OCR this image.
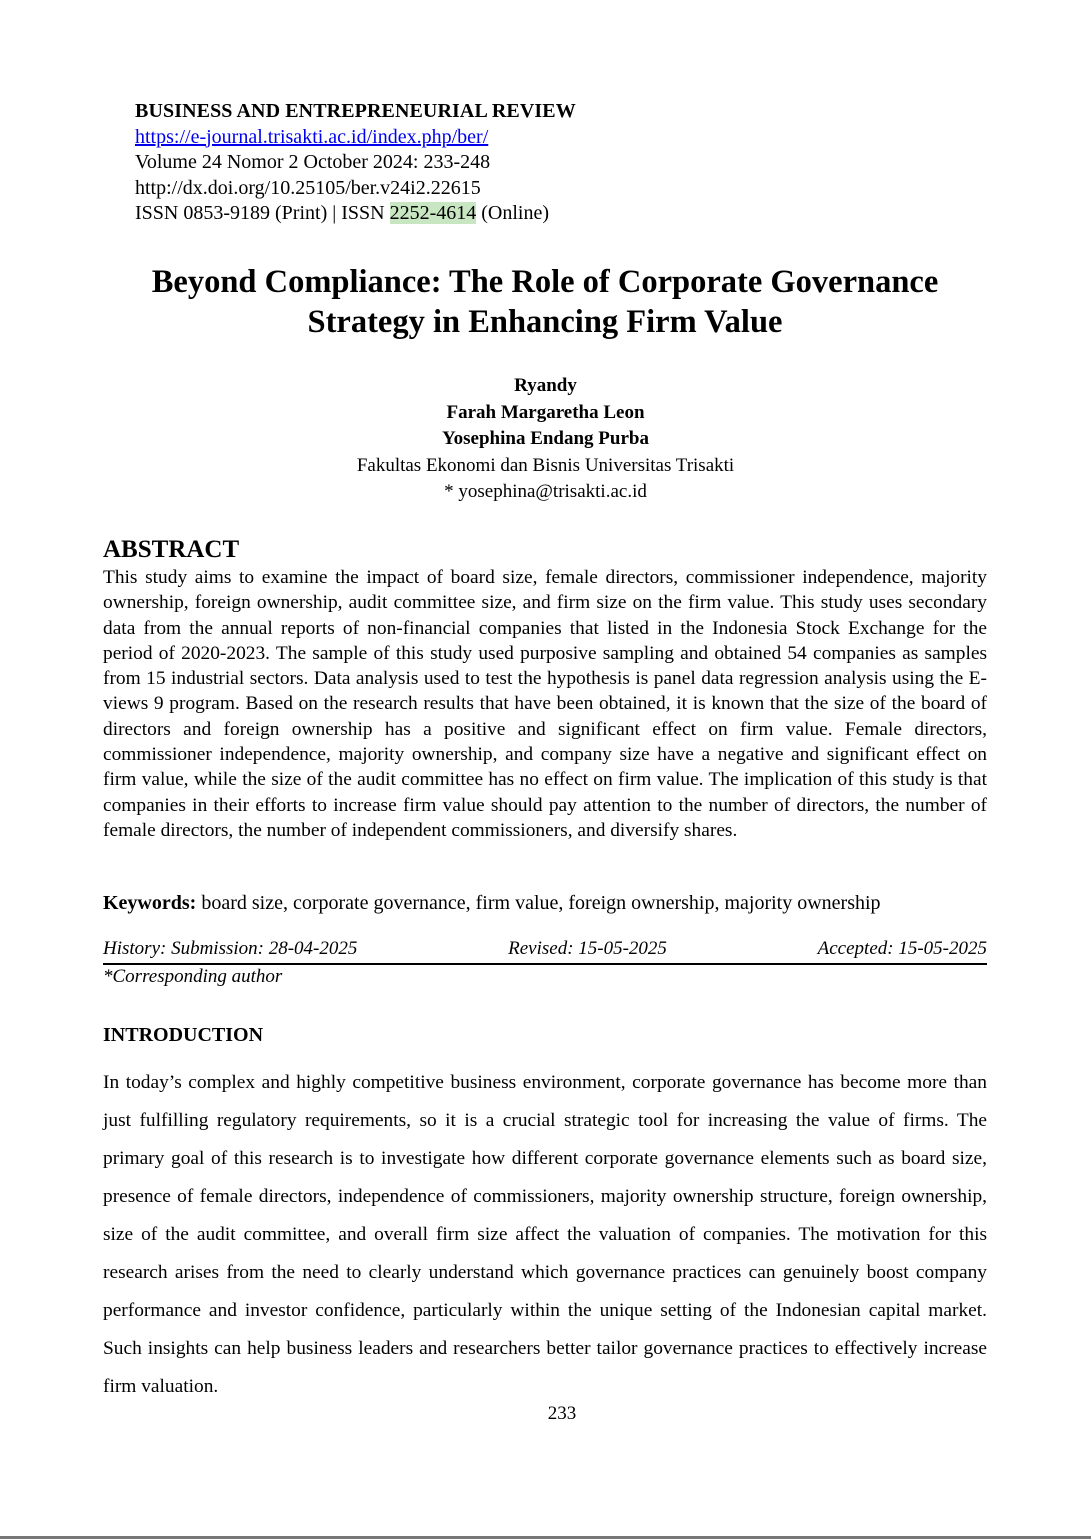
BUSINESS AND ENTREPRENEURIAL REVIEW
https://e-journal.trisakti.ac.id/index.php/ber/
Volume 24 Nomor 2 October 2024: 233-248
http://dx.doi.org/10.25105/ber.v24i2.22615
ISSN 0853-9189 (Print) | ISSN 2252-4614 (Online)
Beyond Compliance: The Role of Corporate Governance
Strategy in Enhancing Firm Value
Ryandy
Farah Margaretha Leon
Yosephina Endang Purba
Fakultas Ekonomi dan Bisnis Universitas Trisakti
* yosephina@trisakti.ac.id
ABSTRACT
This study aims to examine the impact of board size, female directors, commissioner independence, majority ownership, foreign ownership, audit committee size, and firm size on the firm value. This study uses secondary data from the annual reports of non-financial companies that listed in the Indonesia Stock Exchange for the period of 2020-2023. The sample of this study used purposive sampling and obtained 54 companies as samples from 15 industrial sectors. Data analysis used to test the hypothesis is panel data regression analysis using the E-views 9 program. Based on the research results that have been obtained, it is known that the size of the board of directors and foreign ownership has a positive and significant effect on firm value. Female directors, commissioner independence, majority ownership, and company size have a negative and significant effect on firm value, while the size of the audit committee has no effect on firm value. The implication of this study is that companies in their efforts to increase firm value should pay attention to the number of directors, the number of female directors, the number of independent commissioners, and diversify shares.
Keywords: board size, corporate governance, firm value, foreign ownership, majority ownership
History: Submission: 28-04-2025	Revised: 15-05-2025	Accepted: 15-05-2025
*Corresponding author
INTRODUCTION
In today’s complex and highly competitive business environment, corporate governance has become more than just fulfilling regulatory requirements, so it is a crucial strategic tool for increasing the value of firms. The primary goal of this research is to investigate how different corporate governance elements such as board size, presence of female directors, independence of commissioners, majority ownership structure, foreign ownership, size of the audit committee, and overall firm size affect the valuation of companies. The motivation for this research arises from the need to clearly understand which governance practices can genuinely boost company performance and investor confidence, particularly within the unique setting of the Indonesian capital market. Such insights can help business leaders and researchers better tailor governance practices to effectively increase firm valuation.
233
